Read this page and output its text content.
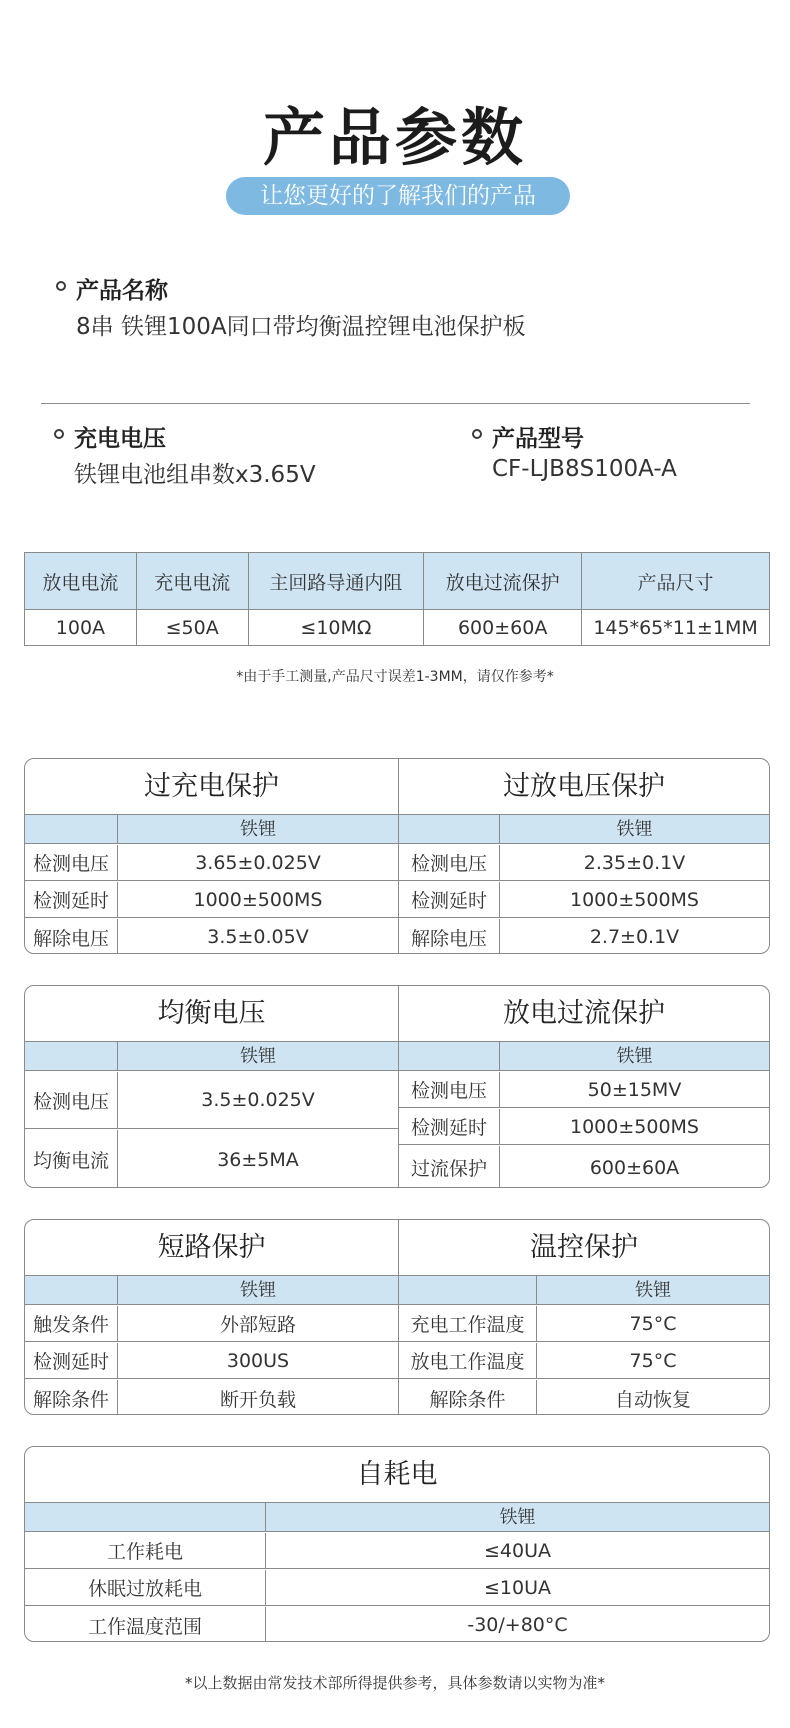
产品参数
让您更好的了解我们的产品
产品名称
8串 铁锂100A同口带均衡温控锂电池保护板
充电电压
铁锂电池组串数x3.65V
产品型号
CF-LJB8S100A-A
放电电流	充电电流	主回路导通内阻	放电过流保护	产品尺寸
100A	≤50A	≤10MΩ	600±60A	145*65*11±1MM
*由于手工测量,产品尺寸误差1-3MM，请仅作参考*
过充电保护
铁锂
检测电压	3.65±0.025V
检测延时	1000±500MS
解除电压	3.5±0.05V
过放电压保护
铁锂
检测电压	2.35±0.1V
检测延时	1000±500MS
解除电压	2.7±0.1V
均衡电压
铁锂
检测电压	3.5±0.025V
均衡电流	36±5MA
放电过流保护
铁锂
检测电压	50±15MV
检测延时	1000±500MS
过流保护	600±60A
短路保护
铁锂
触发条件	外部短路
检测延时	300US
解除条件	断开负载
温控保护
铁锂
充电工作温度	75°C
放电工作温度	75°C
解除条件	自动恢复
自耗电
铁锂
工作耗电	≤40UA
休眠过放耗电	≤10UA
工作温度范围	-30/+80°C
*以上数据由常发技术部所得提供参考，具体参数请以实物为准*
